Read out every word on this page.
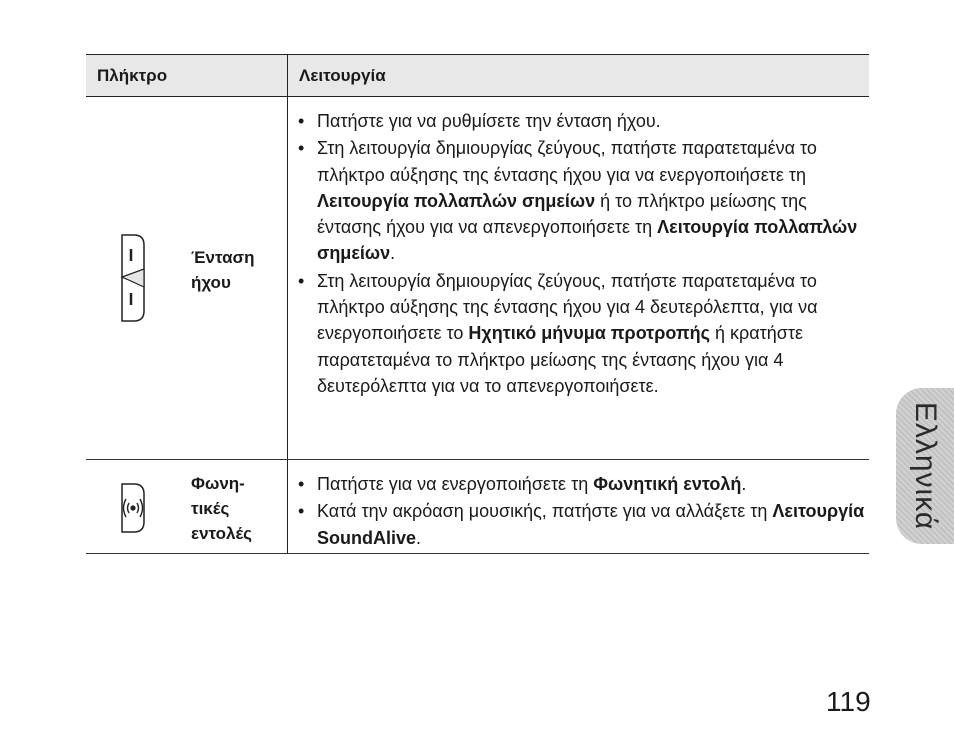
Πλήκτρο	Λειτουργία
Ένταση ήχου
• Πατήστε για να ρυθμίσετε την ένταση ήχου.
• Στη λειτουργία δημιουργίας ζεύγους, πατήστε παρατεταμένα το πλήκτρο αύξησης της έντασης ήχου για να ενεργοποιήσετε τη Λειτουργία πολλαπλών σημείων ή το πλήκτρο μείωσης της έντασης ήχου για να απενεργοποιήσετε τη Λειτουργία πολλαπλών σημείων.
• Στη λειτουργία δημιουργίας ζεύγους, πατήστε παρατεταμένα το πλήκτρο αύξησης της έντασης ήχου για 4 δευτερόλεπτα, για να ενεργοποιήσετε το Ηχητικό μήνυμα προτροπής ή κρατήστε παρατεταμένα το πλήκτρο μείωσης της έντασης ήχου για 4 δευτερόλεπτα για να το απενεργοποιήσετε.
Φωνη-
τικές
εντολές
• Πατήστε για να ενεργοποιήσετε τη Φωνητική εντολή.
• Κατά την ακρόαση μουσικής, πατήστε για να αλλάξετε τη Λειτουργία SoundAlive.
Ελληνικά
119
